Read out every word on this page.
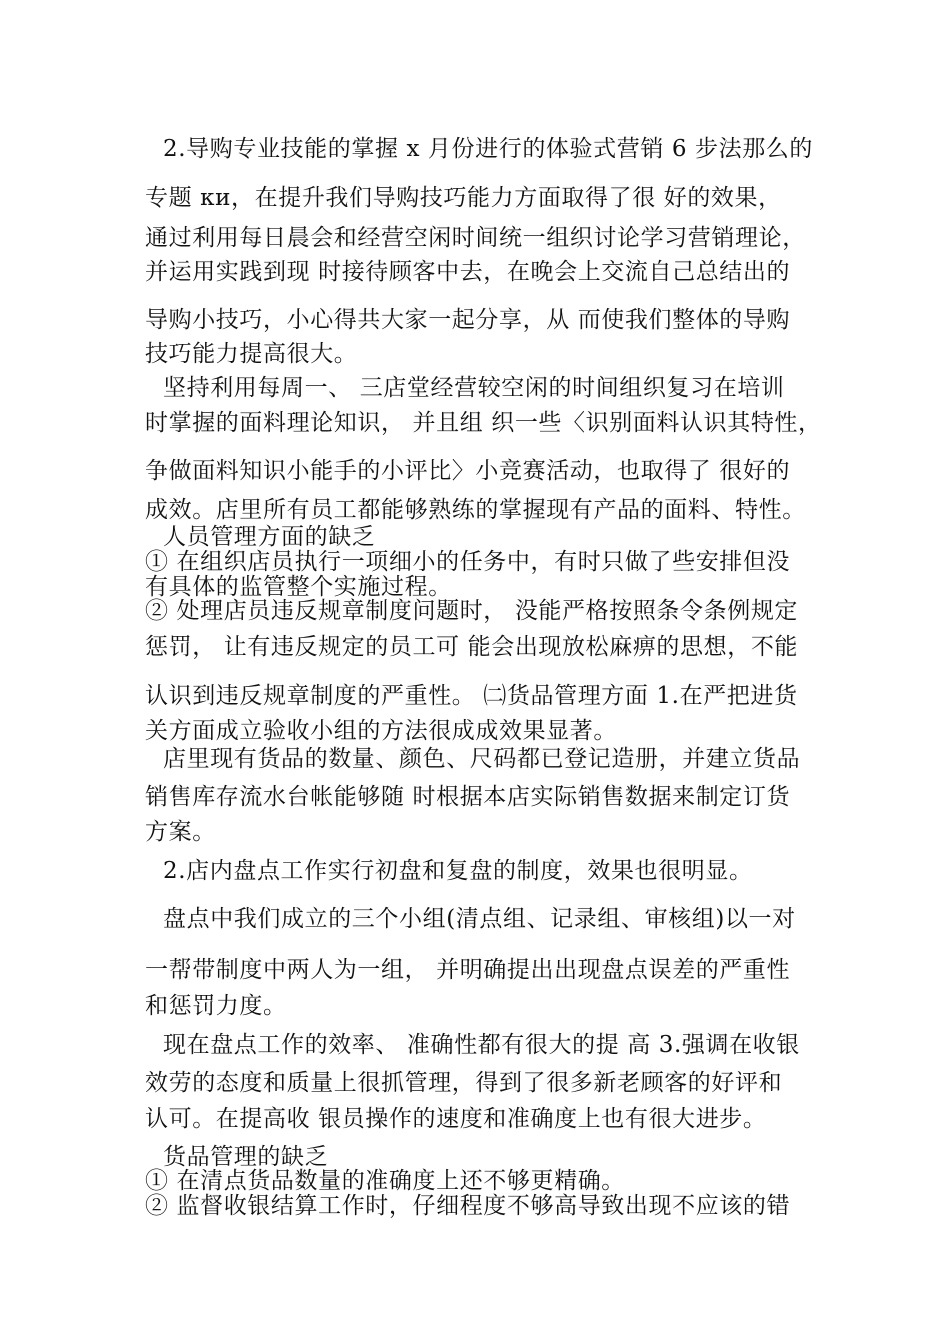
2.导购专业技能的掌握 x 月份进行的体验式营销 6 步法那么的
专题 ﻿ки，在提升我们导购技巧能力方面取得了很 好的效果，
通过利用每日晨会和经营空闲时间统一组织讨论学习营销理论，
并运用实践到现 时接待顾客中去，在晚会上交流自己总结出的
导购小技巧，小心得共大家一起分享，从 而使我们整体的导购
技巧能力提高很大。
坚持利用每周一、 三店堂经营较空闲的时间组织复习在培训
时掌握的面料理论知识， 并且组 织一些〈识别面料认识其特性，
争做面料知识小能手的小评比〉小竞赛活动，也取得了 很好的
成效。店里所有员工都能够熟练的掌握现有产品的面料、特性。
人员管理方面的缺乏
① 在组织店员执行一项细小的任务中，有时只做了些安排但没
有具体的监管整个实施过程。
② 处理店员违反规章制度问题时， 没能严格按照条令条例规定
惩罚， 让有违反规定的员工可 能会出现放松麻痹的思想，不能
认识到违反规章制度的严重性。 ㈡货品管理方面 1.在严把进货
关方面成立验收小组的方法很成成效果显著。
店里现有货品的数量、颜色、尺码都已登记造册，并建立货品
销售库存流水台帐能够随 时根据本店实际销售数据来制定订货
方案。
2.店内盘点工作实行初盘和复盘的制度，效果也很明显。
盘点中我们成立的三个小组(清点组、记录组、审核组)以一对
一帮带制度中两人为一组， 并明确提出出现盘点误差的严重性
和惩罚力度。
现在盘点工作的效率、 准确性都有很大的提 高 3.强调在收银
效劳的态度和质量上很抓管理，得到了很多新老顾客的好评和
认可。在提高收 银员操作的速度和准确度上也有很大进步。
货品管理的缺乏
① 在清点货品数量的准确度上还不够更精确。
② 监督收银结算工作时，仔细程度不够高导致出现不应该的错
